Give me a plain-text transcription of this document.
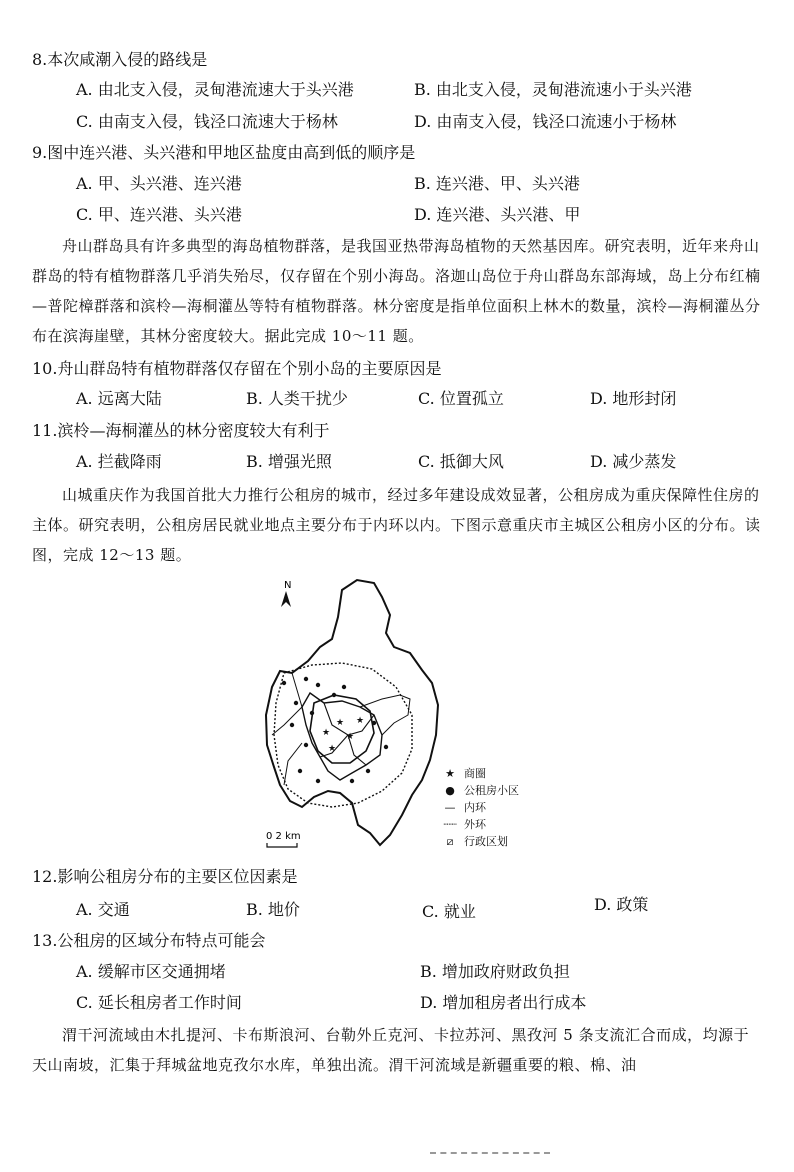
8.本次咸潮入侵的路线是
A. 由北支入侵，灵甸港流速大于头兴港	B. 由北支入侵，灵甸港流速小于头兴港
C. 由南支入侵，钱泾口流速大于杨林	D. 由南支入侵，钱泾口流速小于杨林
9.图中连兴港、头兴港和甲地区盐度由高到低的顺序是
A. 甲、头兴港、连兴港	B. 连兴港、甲、头兴港
C. 甲、连兴港、头兴港	D. 连兴港、头兴港、甲

舟山群岛具有许多典型的海岛植物群落，是我国亚热带海岛植物的天然基因库。研究表明，近年来舟山群岛的特有植物群落几乎消失殆尽，仅存留在个别小海岛。洛迦山岛位于舟山群岛东部海域，岛上分布红楠—普陀樟群落和滨柃—海桐灌丛等特有植物群落。林分密度是指单位面积上林木的数量，滨柃—海桐灌丛分布在滨海崖壁，其林分密度较大。据此完成 10～11 题。

10.舟山群岛特有植物群落仅存留在个别小岛的主要原因是
A. 远离大陆	B. 人类干扰少	C. 位置孤立	D. 地形封闭
11.滨柃—海桐灌丛的林分密度较大有利于
A. 拦截降雨	B. 增强光照	C. 抵御大风	D. 减少蒸发

山城重庆作为我国首批大力推行公租房的城市，经过多年建设成效显著，公租房成为重庆保障性住房的主体。研究表明，公租房居民就业地点主要分布于内环以内。下图示意重庆市主城区公租房小区的分布。读图，完成 12～13 题。

N
★
★
★
★
★
0 2 km
★ 商圈
● 公租房小区
— 内环
┈┈ 外环
⧄ 行政区划
12.影响公租房分布的主要区位因素是
A. 交通	B. 地价	C. 就业	D. 政策
13.公租房的区域分布特点可能会
A. 缓解市区交通拥堵	B. 增加政府财政负担
C. 延长租房者工作时间	D. 增加租房者出行成本

渭干河流域由木扎提河、卡布斯浪河、台勒外丘克河、卡拉苏河、黑孜河 5 条支流汇合而成，均源于天山南坡，汇集于拜城盆地克孜尔水库，单独出流。渭干河流域是新疆重要的粮、棉、油
